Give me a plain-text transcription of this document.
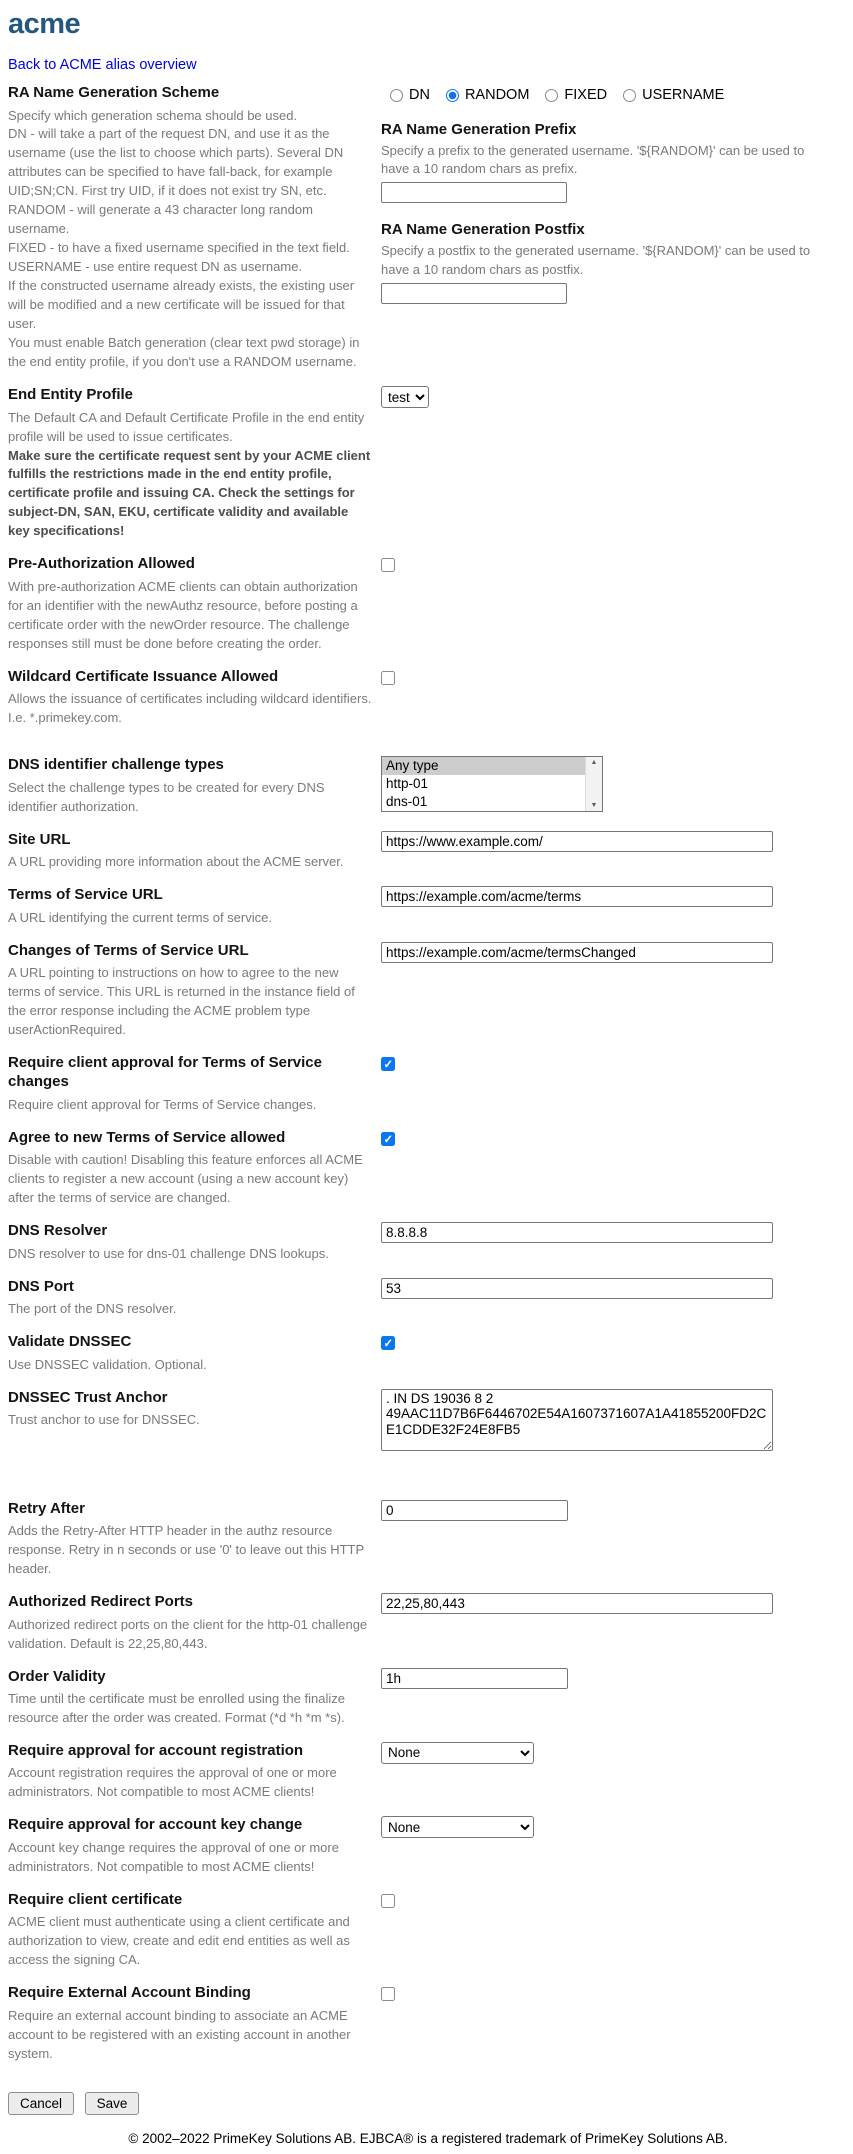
acme
Back to ACME alias overview
RA Name Generation Scheme
Specify which generation schema should be used.
DN - will take a part of the request DN, and use it as the username (use the list to choose which parts). Several DN attributes can be specified to have fall-back, for example UID;SN;CN. First try UID, if it does not exist try SN, etc.
RANDOM - will generate a 43 character long random username.
FIXED - to have a fixed username specified in the text field.
USERNAME - use entire request DN as username.
If the constructed username already exists, the existing user will be modified and a new certificate will be issued for that user.
You must enable Batch generation (clear text pwd storage) in the end entity profile, if you don't use a RANDOM username.
DN RANDOM FIXED USERNAME
RA Name Generation Prefix
Specify a prefix to the generated username. '${RANDOM}' can be used to have a 10 random chars as prefix.
RA Name Generation Postfix
Specify a postfix to the generated username. '${RANDOM}' can be used to have a 10 random chars as postfix.
End Entity Profile
The Default CA and Default Certificate Profile in the end entity profile will be used to issue certificates.
Make sure the certificate request sent by your ACME client fulfills the restrictions made in the end entity profile, certificate profile and issuing CA. Check the settings for subject-DN, SAN, EKU, certificate validity and available key specifications!
test
Pre-Authorization Allowed
With pre-authorization ACME clients can obtain authorization for an identifier with the newAuthz resource, before posting a certificate order with the newOrder resource. The challenge responses still must be done before creating the order.
Wildcard Certificate Issuance Allowed
Allows the issuance of certificates including wildcard identifiers. I.e. *.primekey.com.
DNS identifier challenge types
Select the challenge types to be created for every DNS identifier authorization.
Any type
http-01
dns-01
▲
▼
Site URL
A URL providing more information about the ACME server.
https://www.example.com/
Terms of Service URL
A URL identifying the current terms of service.
https://example.com/acme/terms
Changes of Terms of Service URL
A URL pointing to instructions on how to agree to the new terms of service. This URL is returned in the instance field of the error response including the ACME problem type userActionRequired.
https://example.com/acme/termsChanged
Require client approval for Terms of Service changes
Require client approval for Terms of Service changes.
✓
Agree to new Terms of Service allowed
Disable with caution! Disabling this feature enforces all ACME clients to register a new account (using a new account key) after the terms of service are changed.
✓
DNS Resolver
DNS resolver to use for dns-01 challenge DNS lookups.
8.8.8.8
DNS Port
The port of the DNS resolver.
53
Validate DNSSEC
Use DNSSEC validation. Optional.
✓
DNSSEC Trust Anchor
Trust anchor to use for DNSSEC.
. IN DS 19036 8 2 49AAC11D7B6F6446702E54A1607371607A1A41855200FD2CE1CDDE32F24E8FB5
Retry After
Adds the Retry-After HTTP header in the authz resource response. Retry in n seconds or use '0' to leave out this HTTP header.
0
Authorized Redirect Ports
Authorized redirect ports on the client for the http-01 challenge validation. Default is 22,25,80,443.
22,25,80,443
Order Validity
Time until the certificate must be enrolled using the finalize resource after the order was created. Format (*d *h *m *s).
1h
Require approval for account registration
Account registration requires the approval of one or more administrators. Not compatible to most ACME clients!
None
Require approval for account key change
Account key change requires the approval of one or more administrators. Not compatible to most ACME clients!
None
Require client certificate
ACME client must authenticate using a client certificate and authorization to view, create and edit end entities as well as access the signing CA.
Require External Account Binding
Require an external account binding to associate an ACME account to be registered with an existing account in another system.
Cancel	Save
© 2002–2022 PrimeKey Solutions AB. EJBCA® is a registered trademark of PrimeKey Solutions AB.
